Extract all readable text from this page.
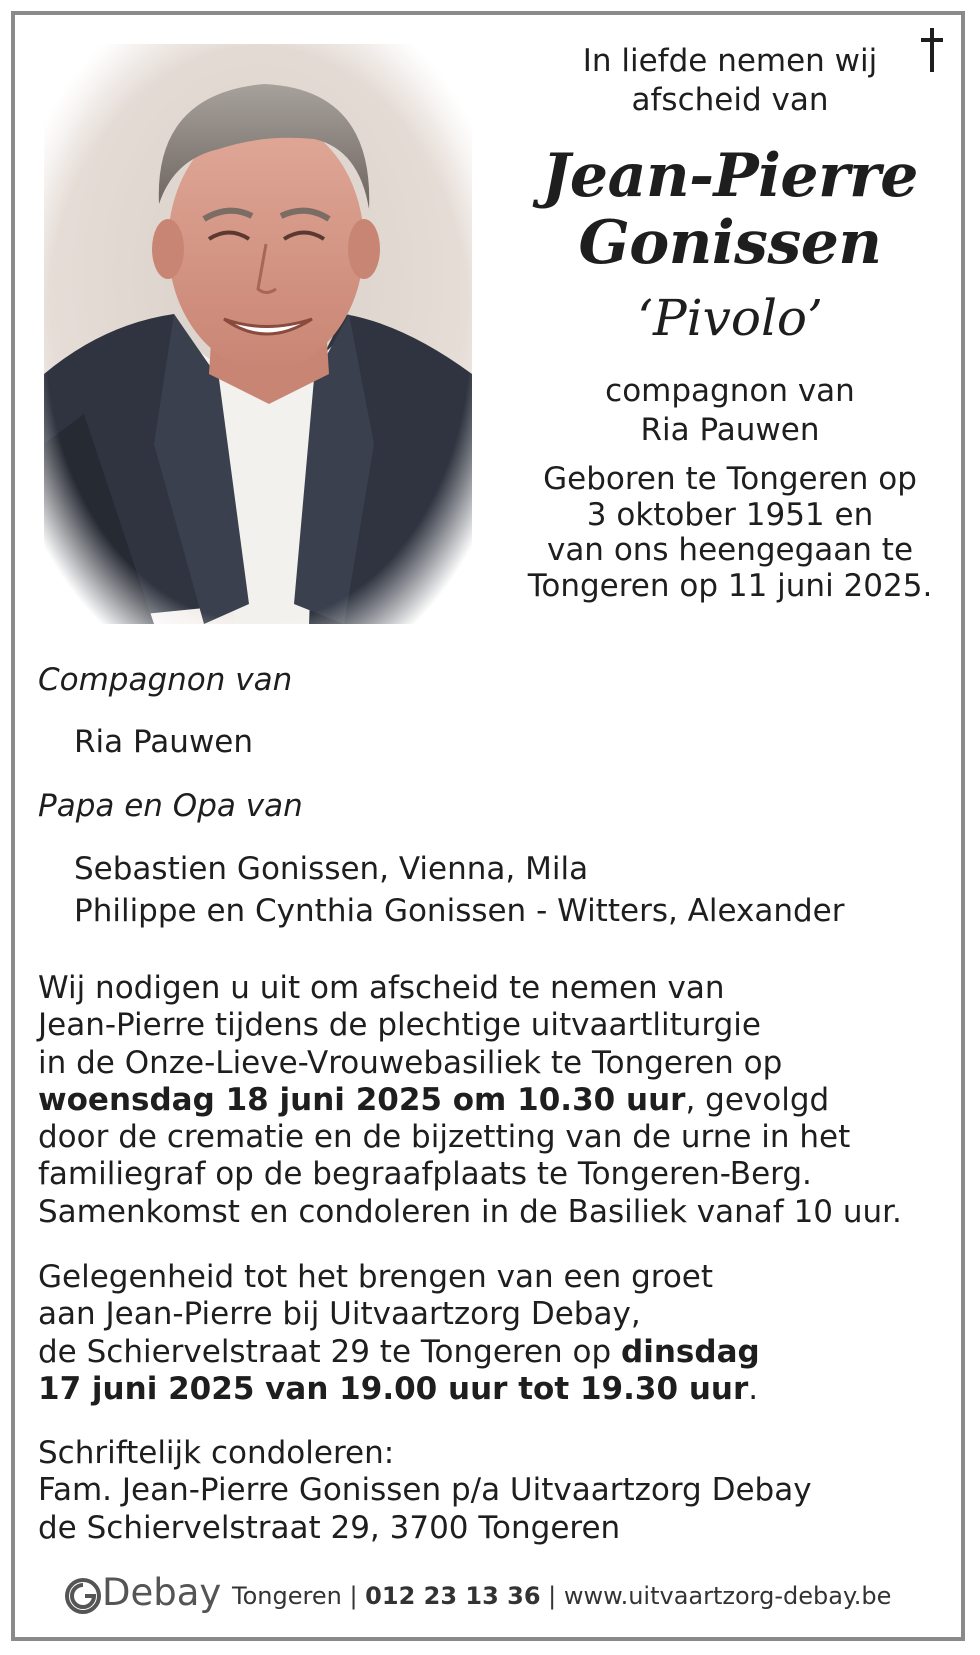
In liefde nemen wij
afscheid van
Jean-Pierre
Gonissen
‘Pivolo’
compagnon van
Ria Pauwen
Geboren te Tongeren op
3 oktober 1951 en
van ons heengegaan te
Tongeren op 11 juni 2025.
Compagnon van
Ria Pauwen
Papa en Opa van
Sebastien Gonissen, Vienna, Mila
Philippe en Cynthia Gonissen - Witters, Alexander
Wij nodigen u uit om afscheid te nemen van
Jean-Pierre tijdens de plechtige uitvaartliturgie
in de Onze-Lieve-Vrouwebasiliek te Tongeren op
woensdag 18 juni 2025 om 10.30 uur, gevolgd
door de crematie en de bijzetting van de urne in het
familiegraf op de begraafplaats te Tongeren-Berg.
Samenkomst en condoleren in de Basiliek vanaf 10 uur.
Gelegenheid tot het brengen van een groet
aan Jean-Pierre bij Uitvaartzorg Debay,
de Schiervelstraat 29 te Tongeren op dinsdag
17 juni 2025 van 19.00 uur tot 19.30 uur.
Schriftelijk condoleren:
Fam. Jean-Pierre Gonissen p/a Uitvaartzorg Debay
de Schiervelstraat 29, 3700 Tongeren
Debay Tongeren | 012 23 13 36 | www.uitvaartzorg-debay.be
